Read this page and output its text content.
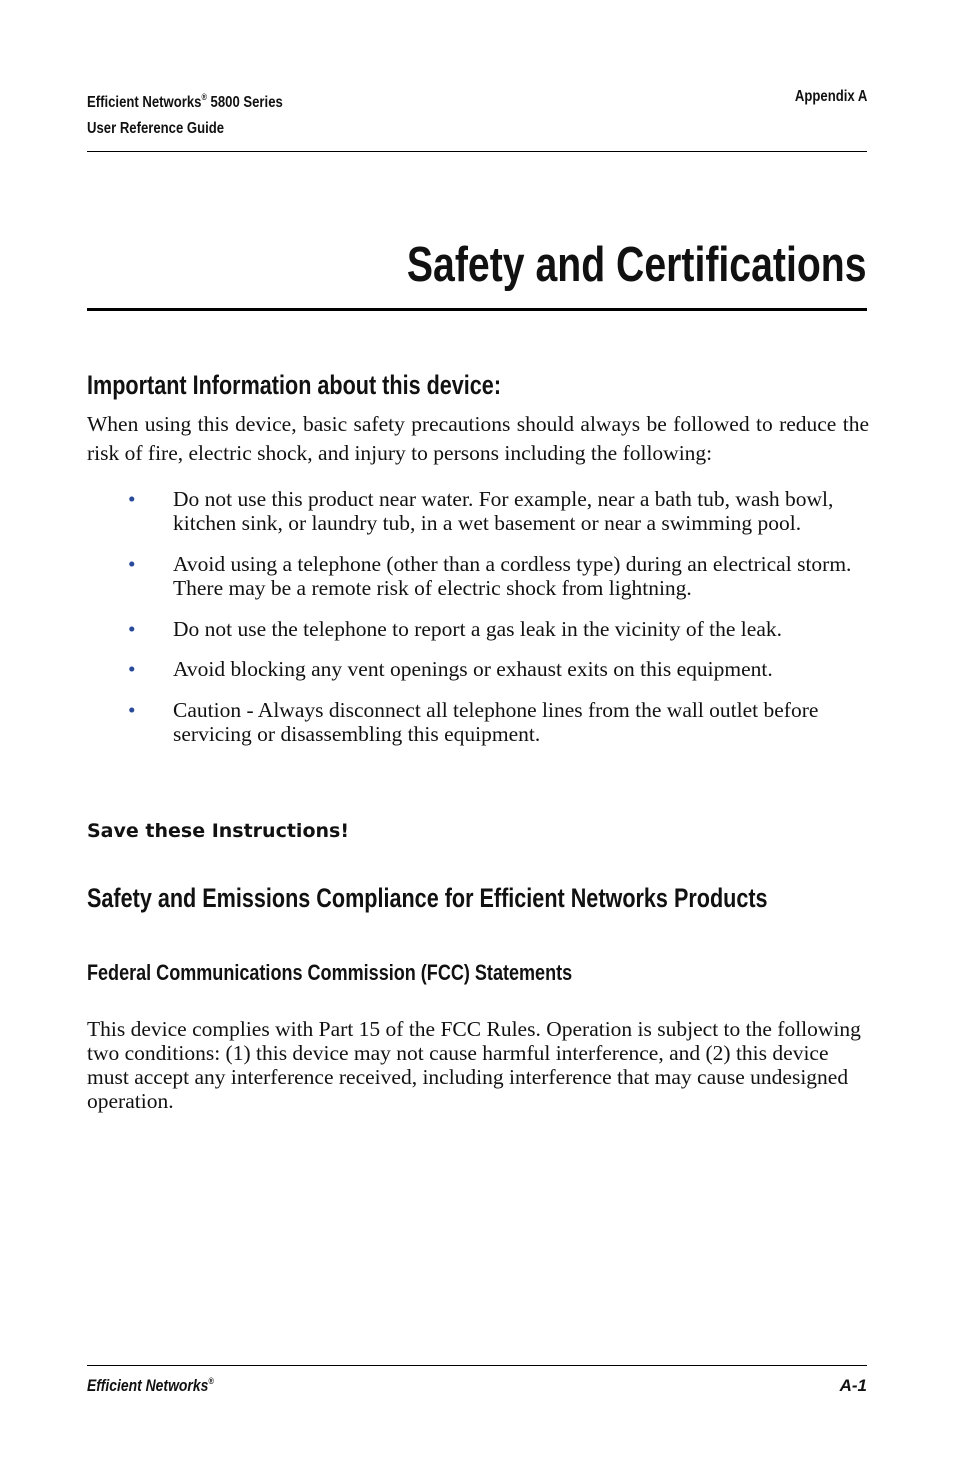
Efficient Networks® 5800 Series
User Reference Guide
Appendix A
Safety and Certifications
Important Information about this device:

When using this device, basic safety precautions should always be followed to reduce the risk of fire, electric shock, and injury to persons including the following:

• Do not use this product near water. For example, near a bath tub, wash bowl, kitchen sink, or laundry tub, in a wet basement or near a swimming pool.
• Avoid using a telephone (other than a cordless type) during an electrical storm. There may be a remote risk of electric shock from lightning.
• Do not use the telephone to report a gas leak in the vicinity of the leak.
• Avoid blocking any vent openings or exhaust exits on this equipment.
• Caution - Always disconnect all telephone lines from the wall outlet before servicing or disassembling this equipment.
Save these Instructions!
Safety and Emissions Compliance for Efficient Networks Products
Federal Communications Commission (FCC) Statements

This device complies with Part 15 of the FCC Rules. Operation is subject to the following two conditions: (1) this device may not cause harmful interference, and (2) this device must accept any interference received, including interference that may cause undesigned operation.

Efficient Networks®	A-1
